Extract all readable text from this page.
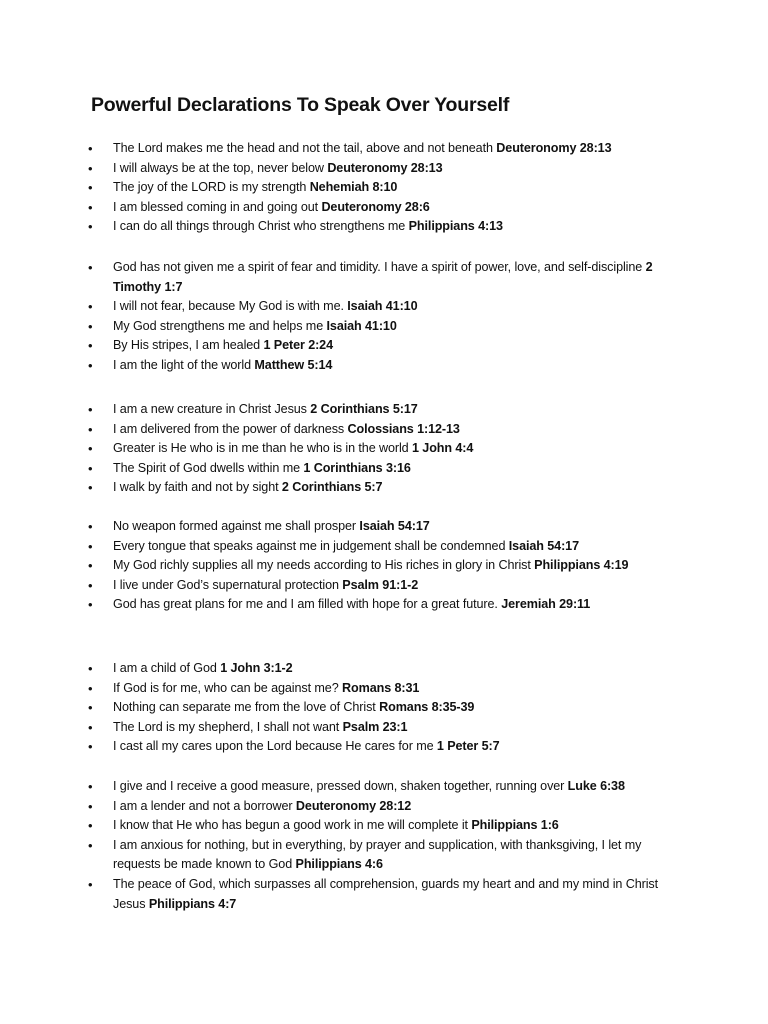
Powerful Declarations To Speak Over Yourself
• The Lord makes me the head and not the tail, above and not beneath Deuteronomy 28:13
• I will always be at the top, never below Deuteronomy 28:13
• The joy of the LORD is my strength Nehemiah 8:10
• I am blessed coming in and going out Deuteronomy 28:6
• I can do all things through Christ who strengthens me Philippians 4:13
• God has not given me a spirit of fear and timidity. I have a spirit of power, love, and self-discipline 2 Timothy 1:7
• I will not fear, because My God is with me. Isaiah 41:10
• My God strengthens me and helps me Isaiah 41:10
• By His stripes, I am healed 1 Peter 2:24
• I am the light of the world Matthew 5:14
• I am a new creature in Christ Jesus 2 Corinthians 5:17
• I am delivered from the power of darkness Colossians 1:12-13
• Greater is He who is in me than he who is in the world 1 John 4:4
• The Spirit of God dwells within me 1 Corinthians 3:16
• I walk by faith and not by sight 2 Corinthians 5:7
• No weapon formed against me shall prosper Isaiah 54:17
• Every tongue that speaks against me in judgement shall be condemned Isaiah 54:17
• My God richly supplies all my needs according to His riches in glory in Christ Philippians 4:19
• I live under God’s supernatural protection Psalm 91:1-2
• God has great plans for me and I am filled with hope for a great future. Jeremiah 29:11
• I am a child of God 1 John 3:1-2
• If God is for me, who can be against me? Romans 8:31
• Nothing can separate me from the love of Christ Romans 8:35-39
• The Lord is my shepherd, I shall not want Psalm 23:1
• I cast all my cares upon the Lord because He cares for me 1 Peter 5:7
• I give and I receive a good measure, pressed down, shaken together, running over Luke 6:38
• I am a lender and not a borrower Deuteronomy 28:12
• I know that He who has begun a good work in me will complete it Philippians 1:6
• I am anxious for nothing, but in everything, by prayer and supplication, with thanksgiving, I let my requests be made known to God Philippians 4:6
• The peace of God, which surpasses all comprehension, guards my heart and and my mind in Christ Jesus Philippians 4:7
